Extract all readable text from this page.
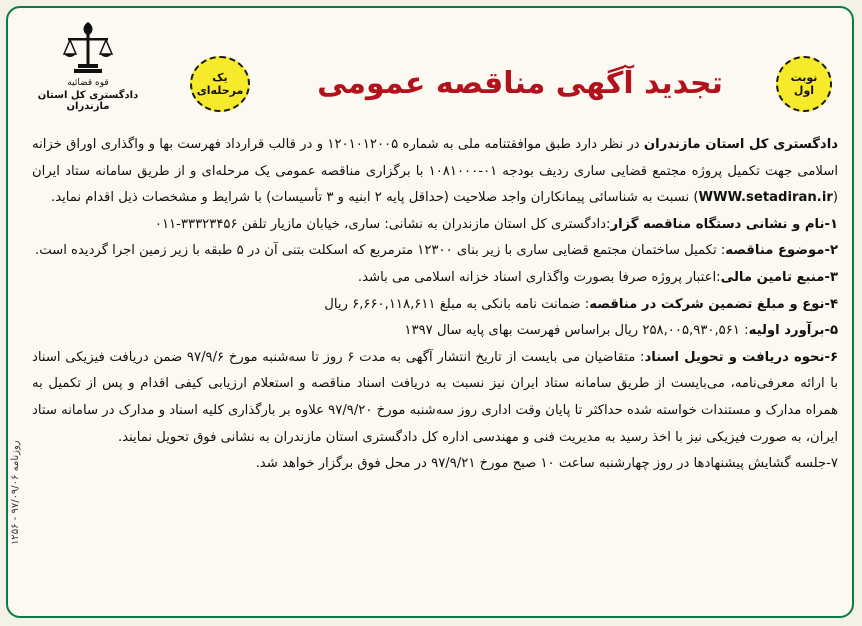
روزنامه ۹۷/۰۹/۰۶ - ۱۲۵۶
قوه قضائیه
دادگستری کل استان مازندران
یک مرحله‌ای تجدید آگهی مناقصه عمومی	نوبت اول

دادگستری کل استان مازندران در نظر دارد طبق موافقتنامه ملی به شماره ۱۲۰۱۰۱۲۰۰۵ و در قالب قرارداد فهرست بها و واگذاری اوراق خزانه اسلامی جهت تکمیل پروژه مجتمع قضایی ساری ردیف بودجه ۰۱-۱۰۸۱۰۰۰ با برگزاری مناقصه عمومی یک مرحله‌ای و از طریق سامانه ستاد ایران (WWW.setadiran.ir) نسبت به شناسائی پیمانکاران واجد صلاحیت (حداقل پایه ۲ ابنیه و ۳ تأسیسات) با شرایط و مشخصات ذیل اقدام نماید.

۱-نام و نشانی دستگاه مناقصه گزار:دادگستری کل استان مازندران به نشانی: ساری، خیابان مازیار تلفن ۳۳۳۲۳۴۵۶-۰۱۱

۲-موضوع مناقصه: تکمیل ساختمان مجتمع قضایی ساری با زیر بنای ۱۲۳۰۰ مترمربع که اسکلت بتنی آن در ۵ طبقه با زیر زمین اجرا گردیده است.

۳-منبع تامین مالی:اعتبار پروژه صرفا بصورت واگذاری اسناد خزانه اسلامی می باشد.

۴-نوع و مبلغ تضمین شرکت در مناقصه: ضمانت نامه بانکی به مبلغ ۶,۶۶۰,۱۱۸,۶۱۱ ریال

۵-برآورد اولیه: ۲۵۸,۰۰۵,۹۳۰,۵۶۱ ریال براساس فهرست بهای پایه سال ۱۳۹۷

۶-نحوه دریافت و تحویل اسناد: متقاضیان می بایست از تاریخ انتشار آگهی به مدت ۶ روز تا سه‌شنبه مورخ ۹۷/۹/۶ ضمن دریافت فیزیکی اسناد با ارائه معرفی‌نامه، می‌بایست از طریق سامانه ستاد ایران نیز نسبت به دریافت اسناد مناقصه و استعلام ارزیابی کیفی اقدام و پس از تکمیل به همراه مدارک و مستندات خواسته شده حداکثر تا پایان وقت اداری روز سه‌شنبه مورخ ۹۷/۹/۲۰ علاوه بر بارگذاری کلیه اسناد و مدارک در سامانه ستاد ایران، به صورت فیزیکی نیز با اخذ رسید به مدیریت فنی و مهندسی اداره کل دادگستری استان مازندران به نشانی فوق تحویل نمایند.

۷-جلسه گشایش پیشنهادها در روز چهارشنبه ساعت ۱۰ صبح مورخ ۹۷/۹/۲۱ در محل فوق برگزار خواهد شد.
